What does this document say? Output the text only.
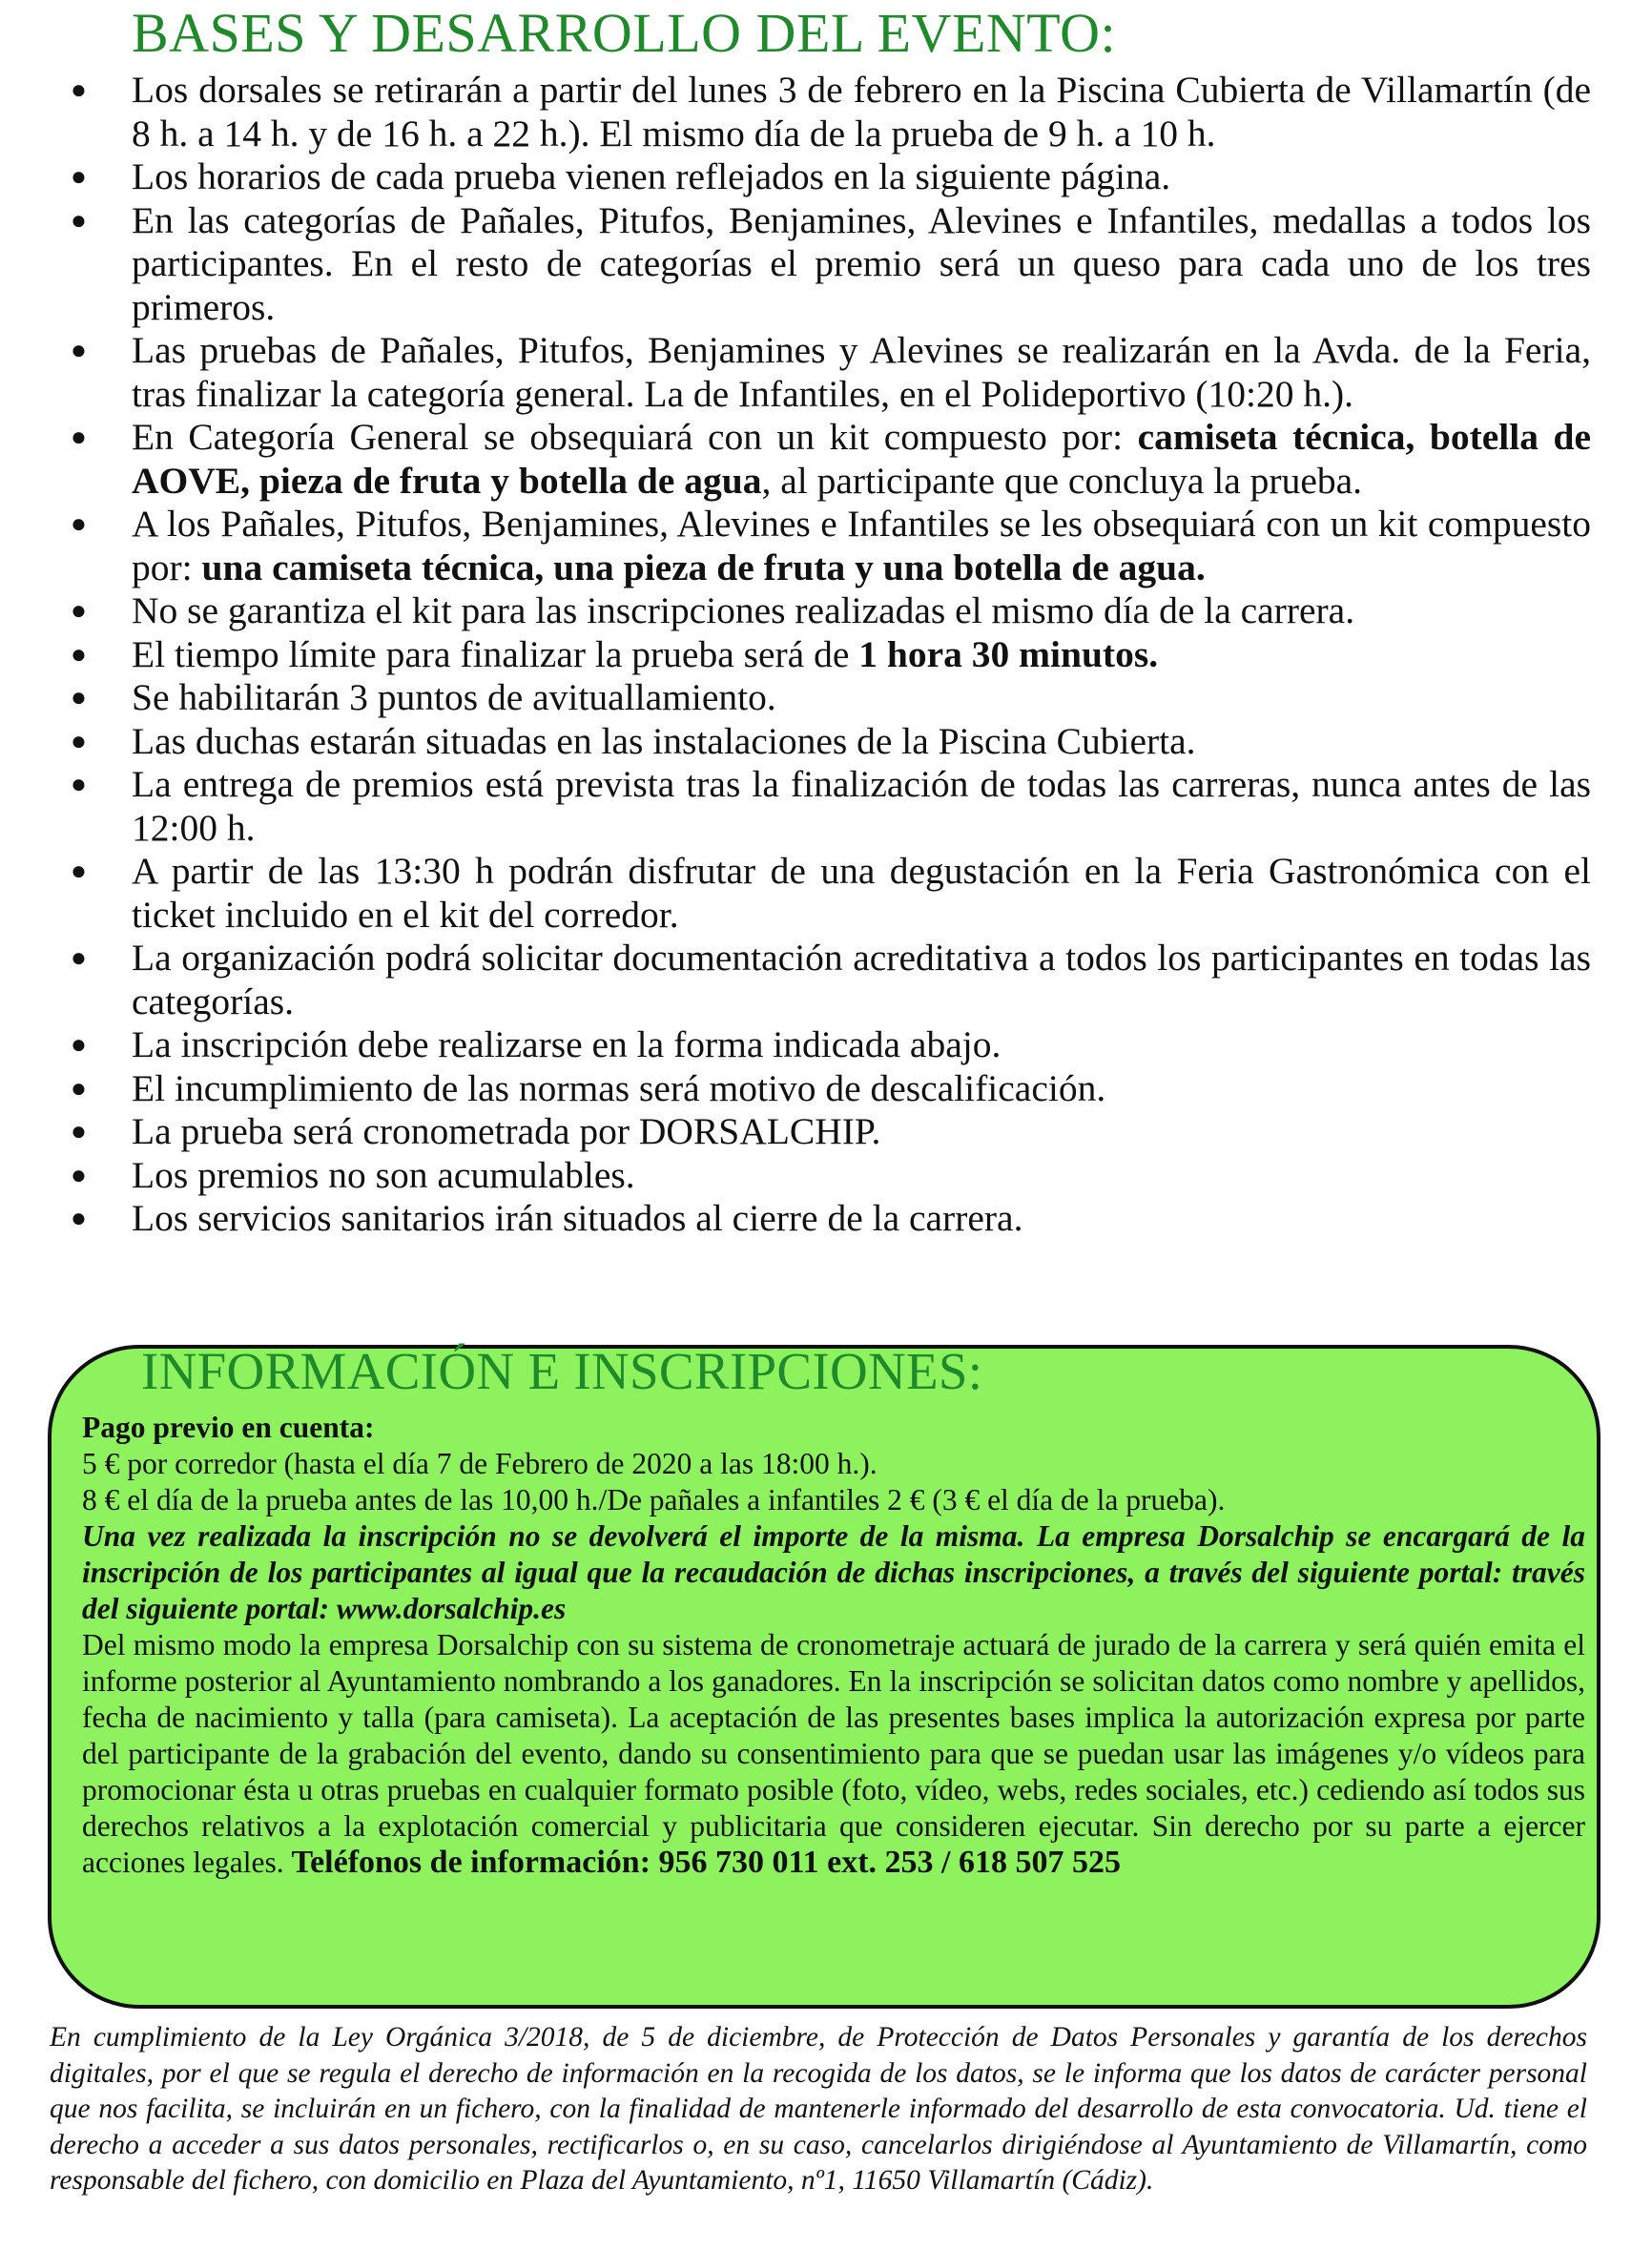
BASES Y DESARROLLO DEL EVENTO:
● Los dorsales se retirarán a partir del lunes 3 de febrero en la Piscina Cubierta de Villamartín (de 8 h. a 14 h. y de 16 h. a 22 h.). El mismo día de la prueba de 9 h. a 10 h.
● Los horarios de cada prueba vienen reflejados en la siguiente página.
● En las categorías de Pañales, Pitufos, Benjamines, Alevines e Infantiles, medallas a todos los participantes. En el resto de categorías el premio será un queso para cada uno de los tres primeros.
● Las pruebas de Pañales, Pitufos, Benjamines y Alevines se realizarán en la Avda. de la Feria, tras finalizar la categoría general. La de Infantiles, en el Polideportivo (10:20 h.).
● En Categoría General se obsequiará con un kit compuesto por: camiseta técnica, botella de AOVE, pieza de fruta y botella de agua, al participante que concluya la prueba.
● A los Pañales, Pitufos, Benjamines, Alevines e Infantiles se les obsequiará con un kit compuesto por: una camiseta técnica, una pieza de fruta y una botella de agua.
● No se garantiza el kit para las inscripciones realizadas el mismo día de la carrera.
● El tiempo límite para finalizar la prueba será de 1 hora 30 minutos.
● Se habilitarán 3 puntos de avituallamiento.
● Las duchas estarán situadas en las instalaciones de la Piscina Cubierta.
● La entrega de premios está prevista tras la finalización de todas las carreras, nunca antes de las 12:00 h.
● A partir de las 13:30 h podrán disfrutar de una degustación en la Feria Gastronómica con el ticket incluido en el kit del corredor.
● La organización podrá solicitar documentación acreditativa a todos los participantes en todas las categorías.
● La inscripción debe realizarse en la forma indicada abajo.
● El incumplimiento de las normas será motivo de descalificación.
● La prueba será cronometrada por DORSALCHIP.
● Los premios no son acumulables.
● Los servicios sanitarios irán situados al cierre de la carrera.
INFORMACIÓN E INSCRIPCIONES:

Pago previo en cuenta:

5 € por corredor (hasta el día 7 de Febrero de 2020 a las 18:00 h.).

8 € el día de la prueba antes de las 10,00 h./De pañales a infantiles 2 € (3 € el día de la prueba).

Una vez realizada la inscripción no se devolverá el importe de la misma. La empresa Dorsalchip se encargará de la inscripción de los participantes al igual que la recaudación de dichas inscripciones, a través del siguiente portal: través del siguiente portal: www.dorsalchip.es

Del mismo modo la empresa Dorsalchip con su sistema de cronometraje actuará de jurado de la carrera y será quién emita el informe posterior al Ayuntamiento nombrando a los ganadores. En la inscripción se solicitan datos como nombre y apellidos, fecha de nacimiento y talla (para camiseta). La aceptación de las presentes bases implica la autorización expresa por parte del participante de la grabación del evento, dando su consentimiento para que se puedan usar las imágenes y/o vídeos para promocionar ésta u otras pruebas en cualquier formato posible (foto, vídeo, webs, redes sociales, etc.) cediendo así todos sus derechos relativos a la explotación comercial y publicitaria que consideren ejecutar. Sin derecho por su parte a ejercer acciones legales. Teléfonos de información: 956 730 011 ext. 253 / 618 507 525

En cumplimiento de la Ley Orgánica 3/2018, de 5 de diciembre, de Protección de Datos Personales y garantía de los derechos digitales, por el que se regula el derecho de información en la recogida de los datos, se le informa que los datos de carácter personal que nos facilita, se incluirán en un fichero, con la finalidad de mantenerle informado del desarrollo de esta convocatoria. Ud. tiene el derecho a acceder a sus datos personales, rectificarlos o, en su caso, cancelarlos dirigiéndose al Ayuntamiento de Villamartín, como responsable del fichero, con domicilio en Plaza del Ayuntamiento, nº1, 11650 Villamartín (Cádiz).
